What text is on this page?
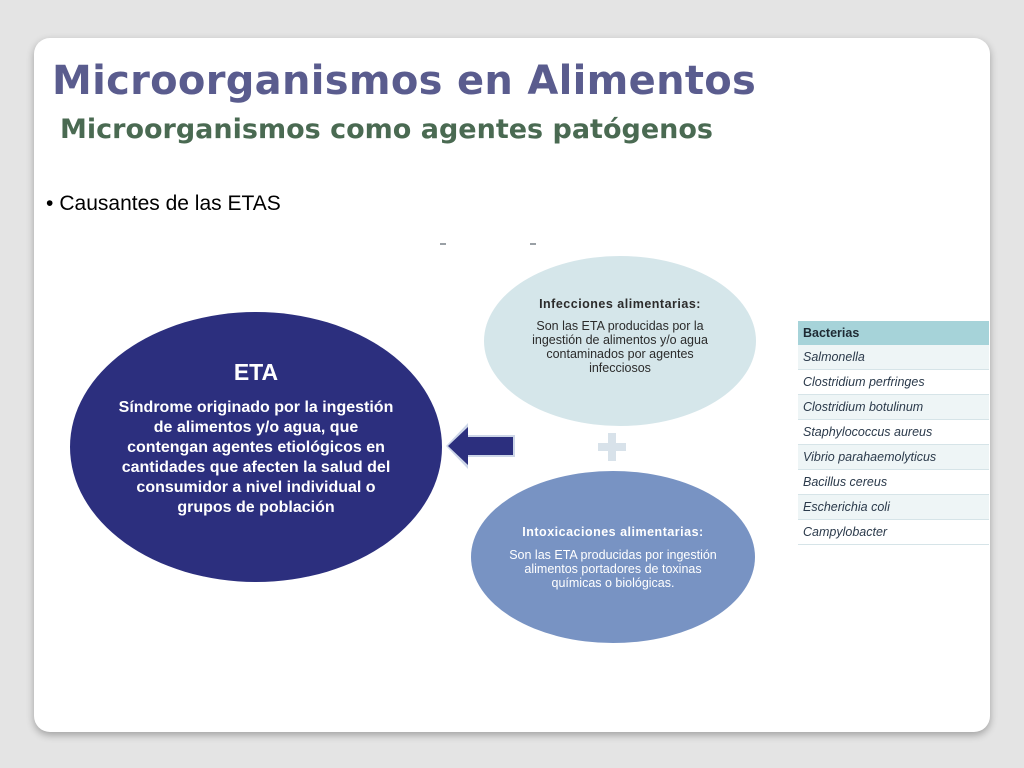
Microorganismos en Alimentos
Microorganismos como agentes patógenos
• Causantes de las ETAS
ETA
Síndrome originado por la ingestión de alimentos y/o agua, que contengan agentes etiológicos en cantidades que afecten la salud del consumidor a nivel individual o grupos de población
Infecciones alimentarias:
Son las ETA producidas por la ingestión de alimentos y/o agua contaminados por agentes infecciosos
Intoxicaciones alimentarias:
Son las ETA producidas por ingestión alimentos portadores de toxinas químicas o biológicas.
Bacterias
Salmonella
Clostridium perfringes
Clostridium botulinum
Staphylococcus aureus
Vibrio parahaemolyticus
Bacillus cereus
Escherichia coli
Campylobacter
